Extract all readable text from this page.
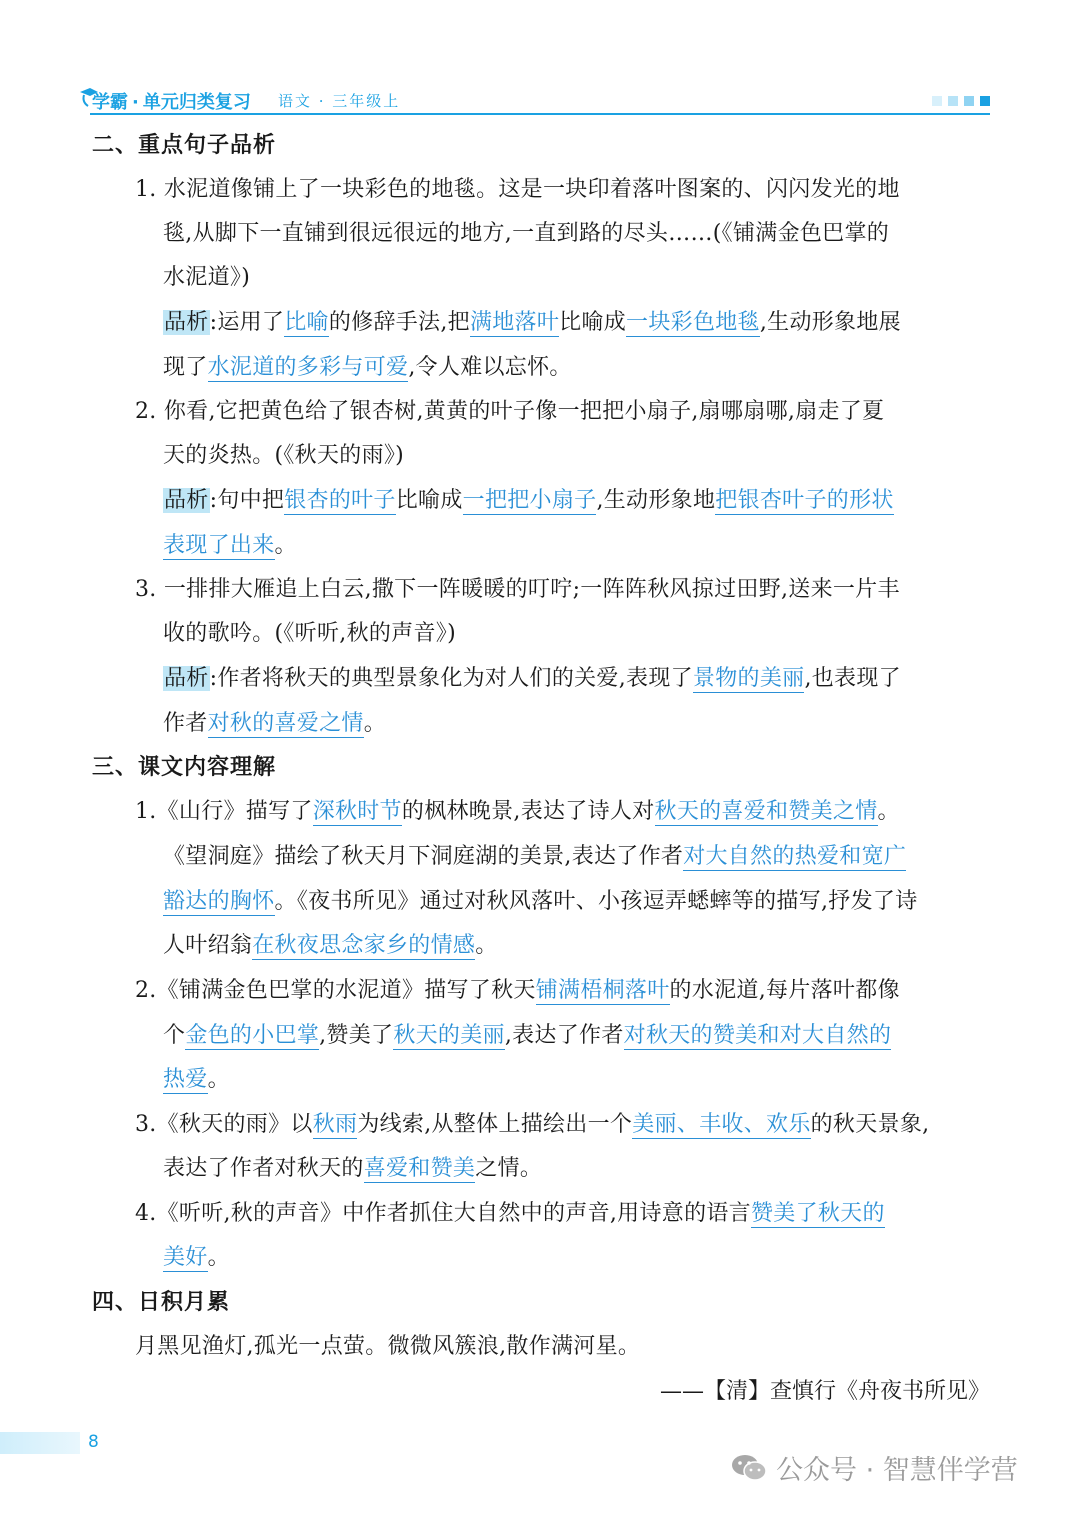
学霸 · 单元归类复习 语文 · 三年级上
二、重点句子品析
1. 水泥道像铺上了一块彩色的地毯。这是一块印着落叶图案的、闪闪发光的地
毯,从脚下一直铺到很远很远的地方,一直到路的尽头……(《铺满金色巴掌的
水泥道》)
品析:运用了比喻的修辞手法,把满地落叶比喻成一块彩色地毯,生动形象地展
现了水泥道的多彩与可爱,令人难以忘怀。
2. 你看,它把黄色给了银杏树,黄黄的叶子像一把把小扇子,扇哪扇哪,扇走了夏
天的炎热。(《秋天的雨》)
品析:句中把银杏的叶子比喻成一把把小扇子,生动形象地把银杏叶子的形状
表现了出来。
3. 一排排大雁追上白云,撒下一阵暖暖的叮咛;一阵阵秋风掠过田野,送来一片丰
收的歌吟。(《听听,秋的声音》)
品析:作者将秋天的典型景象化为对人们的关爱,表现了景物的美丽,也表现了
作者对秋的喜爱之情。
三、课文内容理解
1.《山行》描写了深秋时节的枫林晚景,表达了诗人对秋天的喜爱和赞美之情。
《望洞庭》描绘了秋天月下洞庭湖的美景,表达了作者对大自然的热爱和宽广
豁达的胸怀。《夜书所见》通过对秋风落叶、小孩逗弄蟋蟀等的描写,抒发了诗
人叶绍翁在秋夜思念家乡的情感。
2.《铺满金色巴掌的水泥道》描写了秋天铺满梧桐落叶的水泥道,每片落叶都像
个金色的小巴掌,赞美了秋天的美丽,表达了作者对秋天的赞美和对大自然的
热爱。
3.《秋天的雨》以秋雨为线索,从整体上描绘出一个美丽、丰收、欢乐的秋天景象,
表达了作者对秋天的喜爱和赞美之情。
4.《听听,秋的声音》中作者抓住大自然中的声音,用诗意的语言赞美了秋天的
美好。
四、日积月累
月黑见渔灯,孤光一点萤。微微风簇浪,散作满河星。
——【清】查慎行《舟夜书所见》
8
公众号 · 智慧伴学营
